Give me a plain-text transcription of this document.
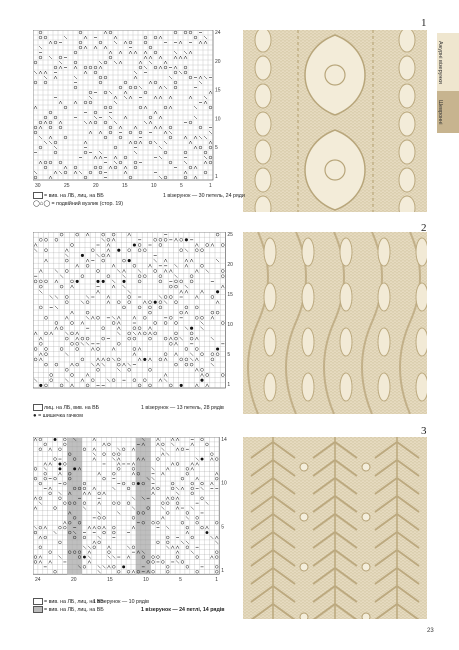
24
20
15
10
5
1
30	25	20	15	10	5	1
1
= вив. на ЛБ, лиц. на ВБ	1 візерунок — 30 петель, 24 ряди
◯⌂◯ = подвійний вузлик (стор. 19)
25
20
15
10
5
1
2
лиц. на ЛБ, вив. на ВБ	1 візерунок — 13 петель, 28 рядів
● = шишечка гачком
14
10
5
1
24	20	15	10	5	1
3
= вив. на ЛБ, лиц. на ВБ
1 візерунок — 10 рядів
= вив. на ЛБ, лиц. на ВБ	1 візерунок — 24 петлі, 14 рядів
Ажурні візерунки
Шевронні
23
